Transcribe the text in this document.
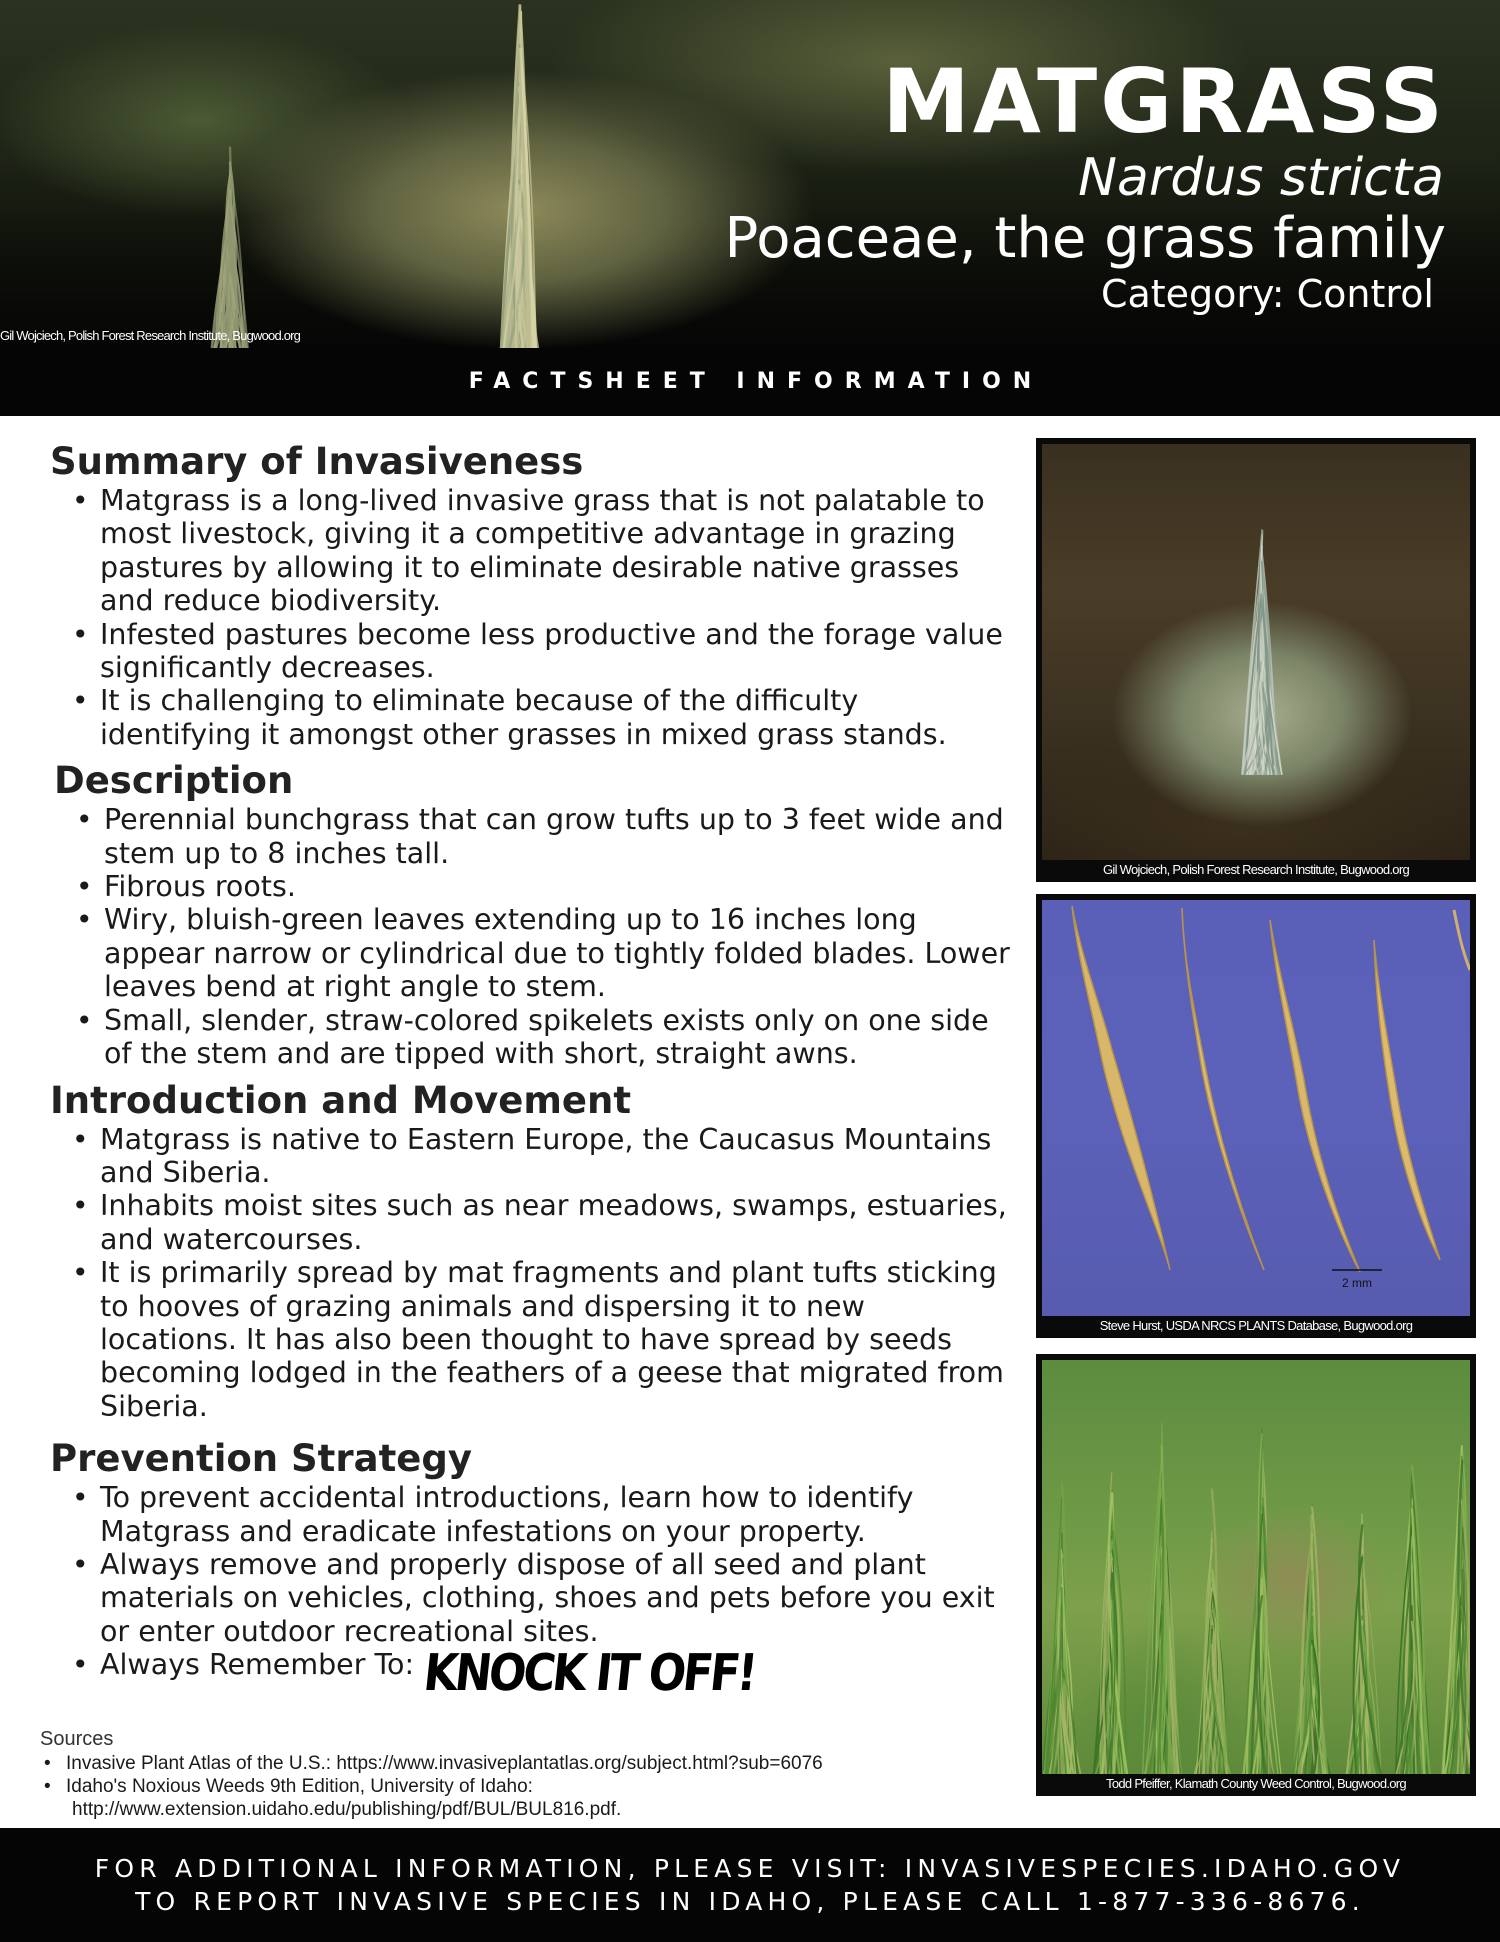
MATGRASS
Nardus stricta
Poaceae, the grass family
Category: Control
Gil Wojciech, Polish Forest Research Institute, Bugwood.org
FACTSHEET INFORMATION
Summary of Invasiveness
• Matgrass is a long-lived invasive grass that is not palatable to most livestock, giving it a competitive advantage in grazing pastures by allowing it to eliminate desirable native grasses and reduce biodiversity.
• Infested pastures become less productive and the forage value significantly decreases.
• It is challenging to eliminate because of the difficulty identifying it amongst other grasses in mixed grass stands.
Description
• Perennial bunchgrass that can grow tufts up to 3 feet wide and stem up to 8 inches tall.
• Fibrous roots.
• Wiry, bluish-green leaves extending up to 16 inches long appear narrow or cylindrical due to tightly folded blades. Lower leaves bend at right angle to stem.
• Small, slender, straw-colored spikelets exists only on one side of the stem and are tipped with short, straight awns.
Introduction and Movement
• Matgrass is native to Eastern Europe, the Caucasus Mountains and Siberia.
• Inhabits moist sites such as near meadows, swamps, estuaries, and watercourses.
• It is primarily spread by mat fragments and plant tufts sticking to hooves of grazing animals and dispersing it to new locations. It has also been thought to have spread by seeds becoming lodged in the feathers of a geese that migrated from Siberia.
Prevention Strategy
• To prevent accidental introductions, learn how to identify Matgrass and eradicate infestations on your property.
• Always remove and properly dispose of all seed and plant materials on vehicles, clothing, shoes and pets before you exit or enter outdoor recreational sites.
• Always Remember To: KNOCK IT OFF!
Sources
• Invasive Plant Atlas of the U.S.: https://www.invasiveplantatlas.org/subject.html?sub=6076
• Idaho's Noxious Weeds 9th Edition, University of Idaho:
http://www.extension.uidaho.edu/publishing/pdf/BUL/BUL816.pdf.
Gil Wojciech, Polish Forest Research Institute, Bugwood.org
2 mm
Steve Hurst, USDA NRCS PLANTS Database, Bugwood.org
Todd Pfeiffer, Klamath County Weed Control, Bugwood.org
FOR ADDITIONAL INFORMATION, PLEASE VISIT: INVASIVESPECIES.IDAHO.GOV
TO REPORT INVASIVE SPECIES IN IDAHO, PLEASE CALL 1-877-336-8676.
